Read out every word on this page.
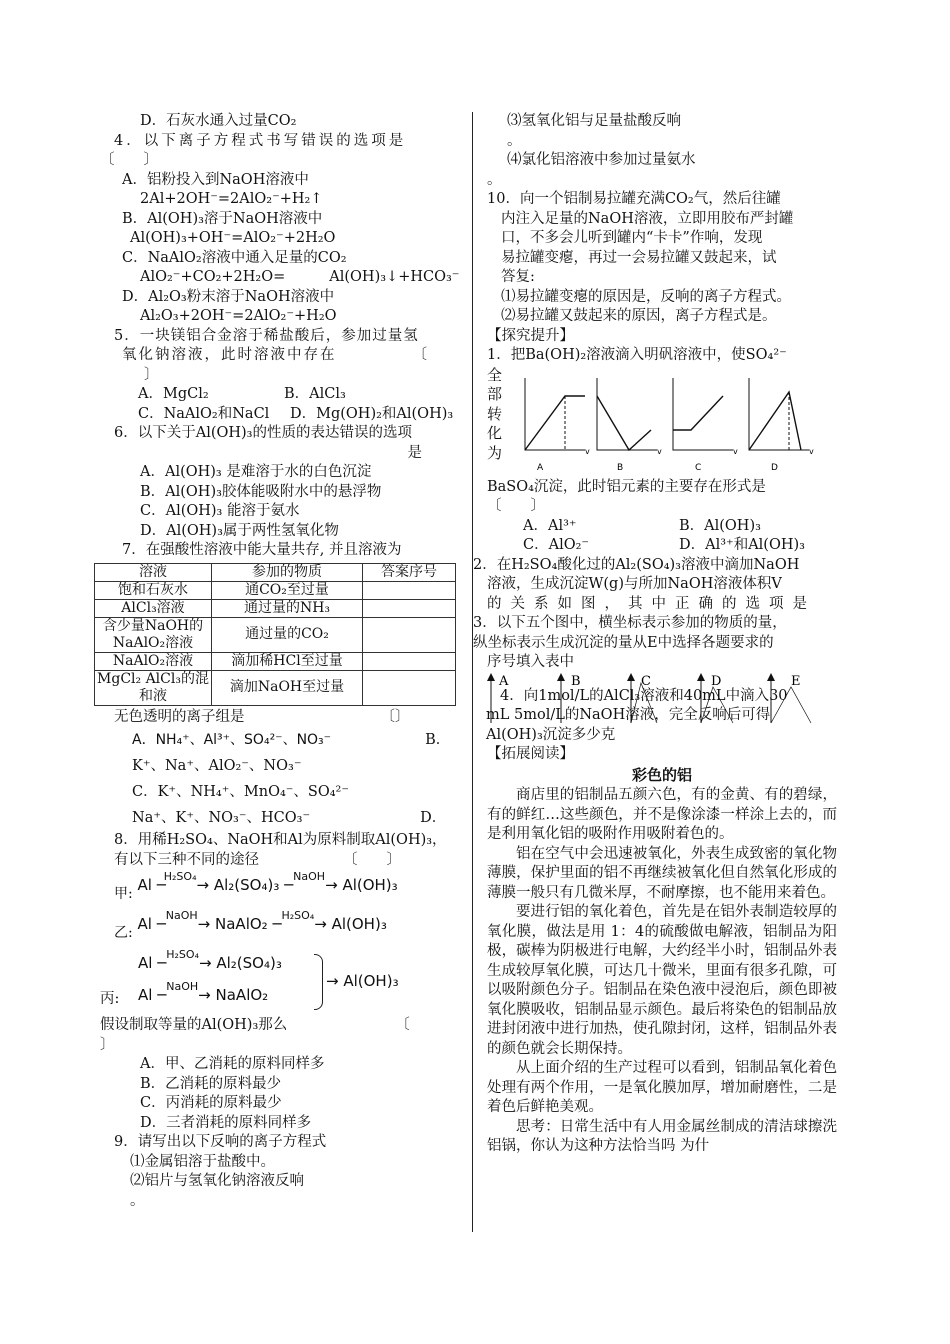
D．石灰水通入过量CO₂
4．以下离子方程式书写错误的选项是
〔　　〕
A．铝粉投入到NaOH溶液中
2Al+2OH⁻=2AlO₂⁻+H₂↑
B．Al(OH)₃溶于NaOH溶液中
Al(OH)₃+OH⁻=AlO₂⁻+2H₂O
C．NaAlO₂溶液中通入足量的CO₂
AlO₂⁻+CO₂+2H₂O=	Al(OH)₃↓+HCO₃⁻
D．Al₂O₃粉末溶于NaOH溶液中
Al₂O₃+2OH⁻=2AlO₂⁻+H₂O
5．一块镁铝合金溶于稀盐酸后，参加过量氢
氧化钠溶液，此时溶液中存在	〔
〕
A．MgCl₂	B．AlCl₃
C．NaAlO₂和NaCl D．Mg(OH)₂和Al(OH)₃
6．以下关于Al(OH)₃的性质的表达错误的选项
是
A．Al(OH)₃ 是难溶于水的白色沉淀
B．Al(OH)₃胶体能吸附水中的悬浮物
C．Al(OH)₃ 能溶于氨水
D．Al(OH)₃属于两性氢氧化物
7．在强酸性溶液中能大量共存, 并且溶液为
溶液	参加的物质	答案序号
饱和石灰水	通CO₂至过量	
AlCl₃溶液	通过量的NH₃	
含少量NaOH的NaAlO₂溶液	通过量的CO₂	
NaAlO₂溶液	滴加稀HCl至过量	
MgCl₂ AlCl₃的混和液	滴加NaOH至过量	
无色透明的离子组是	〔〕
A．NH₄⁺、Al³⁺、SO₄²⁻、NO₃⁻	B．
K⁺、Na⁺、AlO₂⁻、NO₃⁻
C．K⁺、NH₄⁺、MnO₄⁻、SO₄²⁻
Na⁺、K⁺、NO₃⁻、HCO₃⁻	D．
8．用稀H₂SO₄、NaOH和Al为原料制取Al(OH)₃，
有以下三种不同的途径	〔　　〕
甲: Al ─H₂SO₄→ Al₂(SO₄)₃ ─NaOH→ Al(OH)₃
乙: Al ─NaOH→ NaAlO₂ ─H₂SO₄→ Al(OH)₃
Al ─H₂SO₄→ Al₂(SO₄)₃
Al ─NaOH→ NaAlO₂
→ Al(OH)₃
丙:
假设制取等量的Al(OH)₃那么	〔
〕
A．甲、乙消耗的原料同样多
B．乙消耗的原料最少
C．丙消耗的原料最少
D．三者消耗的原料同样多
9．请写出以下反响的离子方程式
⑴金属铝溶于盐酸中。
⑵铝片与氢氧化钠溶液反响
。
⑶氢氧化铝与足量盐酸反响
。
⑷氯化铝溶液中参加过量氨水
。
10．向一个铝制易拉罐充满CO₂气，然后往罐
内注入足量的NaOH溶液，立即用胶布严封罐
口，不多会儿听到罐内“卡卡”作响，发现
易拉罐变瘪，再过一会易拉罐又鼓起来，试
答复:
⑴易拉罐变瘪的原因是，反响的离子方程式。
⑵易拉罐又鼓起来的原因，离子方程式是。
【探究提升】
1．把Ba(OH)₂溶液滴入明矾溶液中，使SO₄²⁻
全
部
转
化
为	v
A
v
B
v
C
v
D
BaSO₄沉淀，此时铝元素的主要存在形式是
〔　　〕
A．Al³⁺	B．Al(OH)₃
C．AlO₂⁻	D．Al³⁺和Al(OH)₃
2．在H₂SO₄酸化过的Al₂(SO₄)₃溶液中滴加NaOH
溶液，生成沉淀W(g)与所加NaOH溶液体积V
的关系如图，其中正确的选项是
3．以下五个图中，横坐标表示参加的物质的量，
纵坐标表示生成沉淀的量从E中选择各题要求的
序号填入表中
A	B	C	D	E
4．向1mol/L的AlCl₃溶液和40mL中滴入30
mL 5mol/L的NaOH溶液，完全反响后可得
Al(OH)₃沉淀多少克
【拓展阅读】
彩色的铝
商店里的铝制品五颜六色，有的金黄、有的碧绿，有的鲜红…这些颜色，并不是像涂漆一样涂上去的，而是利用氧化铝的吸附作用吸附着色的。
铝在空气中会迅速被氧化，外表生成致密的氧化物薄膜，保护里面的铝不再继续被氧化但自然氧化形成的薄膜一般只有几微米厚，不耐摩擦，也不能用来着色。
要进行铝的氧化着色，首先是在铝外表制造较厚的氧化膜，做法是用 1：4的硫酸做电解液，铝制品为阳极，碳棒为阴极进行电解，大约经半小时，铝制品外表生成较厚氧化膜，可达几十微米，里面有很多孔隙，可以吸附颜色分子。铝制品在染色液中浸泡后，颜色即被氧化膜吸收，铝制品显示颜色。最后将染色的铝制品放进封闭液中进行加热，使孔隙封闭，这样，铝制品外表的颜色就会长期保持。
从上面介绍的生产过程可以看到，铝制品氧化着色处理有两个作用，一是氧化膜加厚，增加耐磨性，二是着色后鲜艳美观。
思考：日常生活中有人用金属丝制成的清洁球擦洗铝锅，你认为这种方法恰当吗 为什
